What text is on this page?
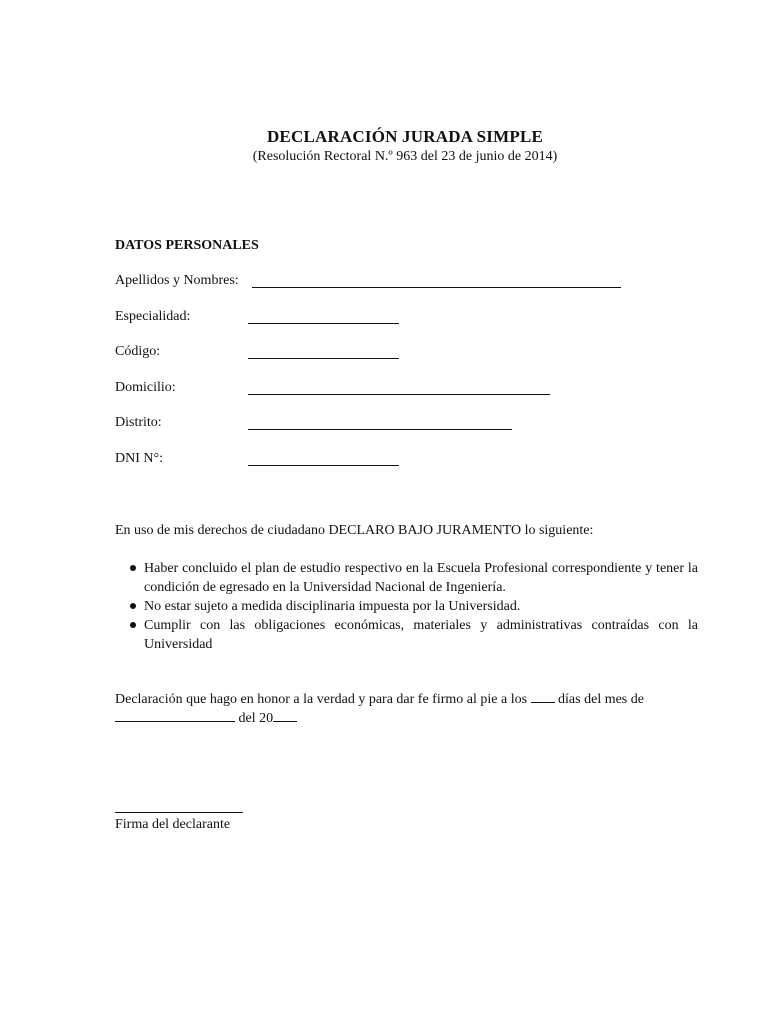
DECLARACIÓN JURADA SIMPLE
(Resolución Rectoral N.º 963 del 23 de junio de 2014)
DATOS PERSONALES
Apellidos y Nombres:
Especialidad:
Código:
Domicilio:
Distrito:
DNI N°:
En uso de mis derechos de ciudadano DECLARO BAJO JURAMENTO lo siguiente:
Haber concluido el plan de estudio respectivo en la Escuela Profesional correspondiente y tener la condición de egresado en la Universidad Nacional de Ingeniería.
No estar sujeto a medida disciplinaria impuesta por la Universidad.
Cumplir con las obligaciones económicas, materiales y administrativas contraídas con la Universidad
Declaración que hago en honor a la verdad y para dar fe firmo al pie a los días del mes de
del 20
Firma del declarante
